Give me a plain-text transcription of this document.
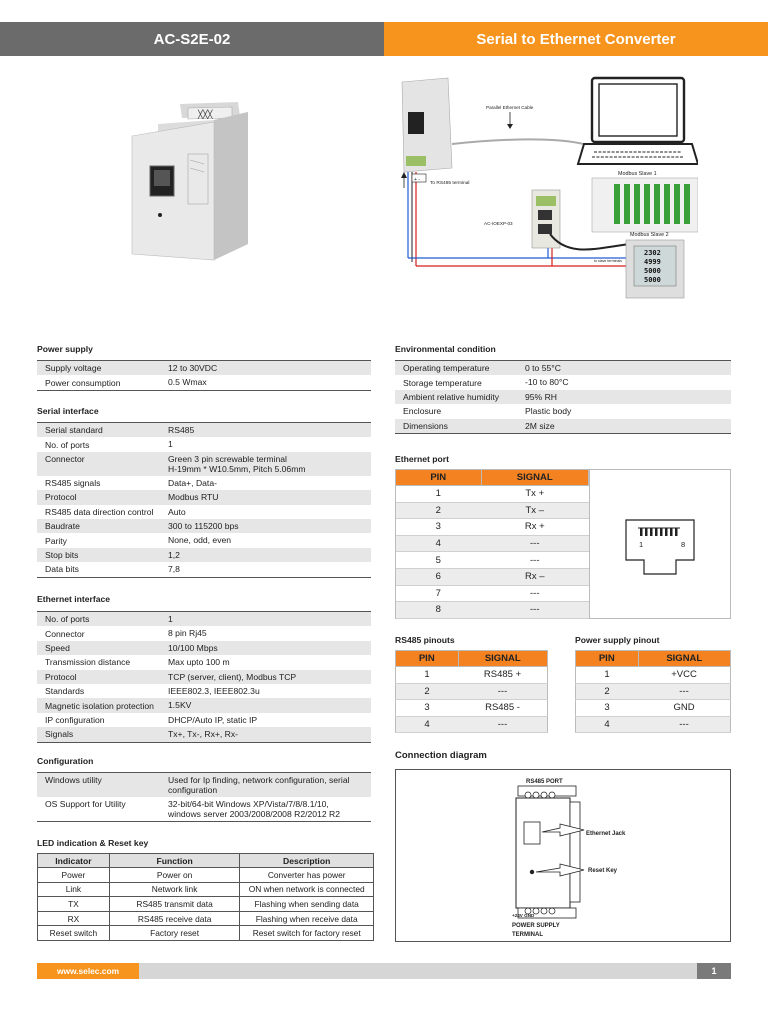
AC-S2E-02	Serial to Ethernet Converter
╳╳╳
Parallel Ethernet Cable
+ -
To RS485 terminal
AC-IOEXP-03
Modbus Slave 1
Modbus Slave 2
to slave terminals
2302
4999
5000
5000
Power supply
Supply voltage	12 to 30VDC
Power consumption	0.5 Wmax
Serial interface
Serial standard	RS485
No. of ports	1
Connector	Green 3 pin screwable terminal
H-19mm * W10.5mm, Pitch 5.06mm
RS485 signals	Data+, Data-
Protocol	Modbus RTU
RS485 data direction control	Auto
Baudrate	300 to 115200 bps
Parity	None, odd, even
Stop bits	1,2
Data bits	7,8
Ethernet interface
No. of ports	1
Connector	8 pin Rj45
Speed	10/100 Mbps
Transmission distance	Max upto 100 m
Protocol	TCP (server, client), Modbus TCP
Standards	IEEE802.3, IEEE802.3u
Magnetic isolation protection	1.5KV
IP configuration	DHCP/Auto IP, static IP
Signals	Tx+, Tx-, Rx+, Rx-
Configuration
Windows utility	Used for Ip finding, network configuration, serial
configuration
OS Support for Utility	32-bit/64-bit Windows XP/Vista/7/8/8.1/10,
windows server 2003/2008/2008 R2/2012 R2
LED indication & Reset key
Indicator	Function	Description
Power	Power on	Converter has power
Link	Network link	ON when network is connected
TX	RS485 transmit data	Flashing when sending data
RX	RS485 receive data	Flashing when receive data
Reset switch	Factory reset	Reset switch for factory reset
Environmental condition
Operating temperature	0 to 55°C
Storage temperature	-10 to 80°C
Ambient relative humidity	95% RH
Enclosure	Plastic body
Dimensions	2M size
Ethernet port
PIN	SIGNAL
1	Tx +
2	Tx –
3	Rx +
4	---
5	---
6	Rx –
7	---
8	---
1	8
RS485 pinouts
PIN	SIGNAL
1	RS485 +
2	---
3	RS485 -
4	---
Power supply pinout
PIN	SIGNAL
1	+VCC
2	---
3	GND
4	---
Connection diagram
RS485 PORT
Ethernet Jack
Reset Key
+24V GND
POWER SUPPLY
TERMINAL
www.selec.com	1
